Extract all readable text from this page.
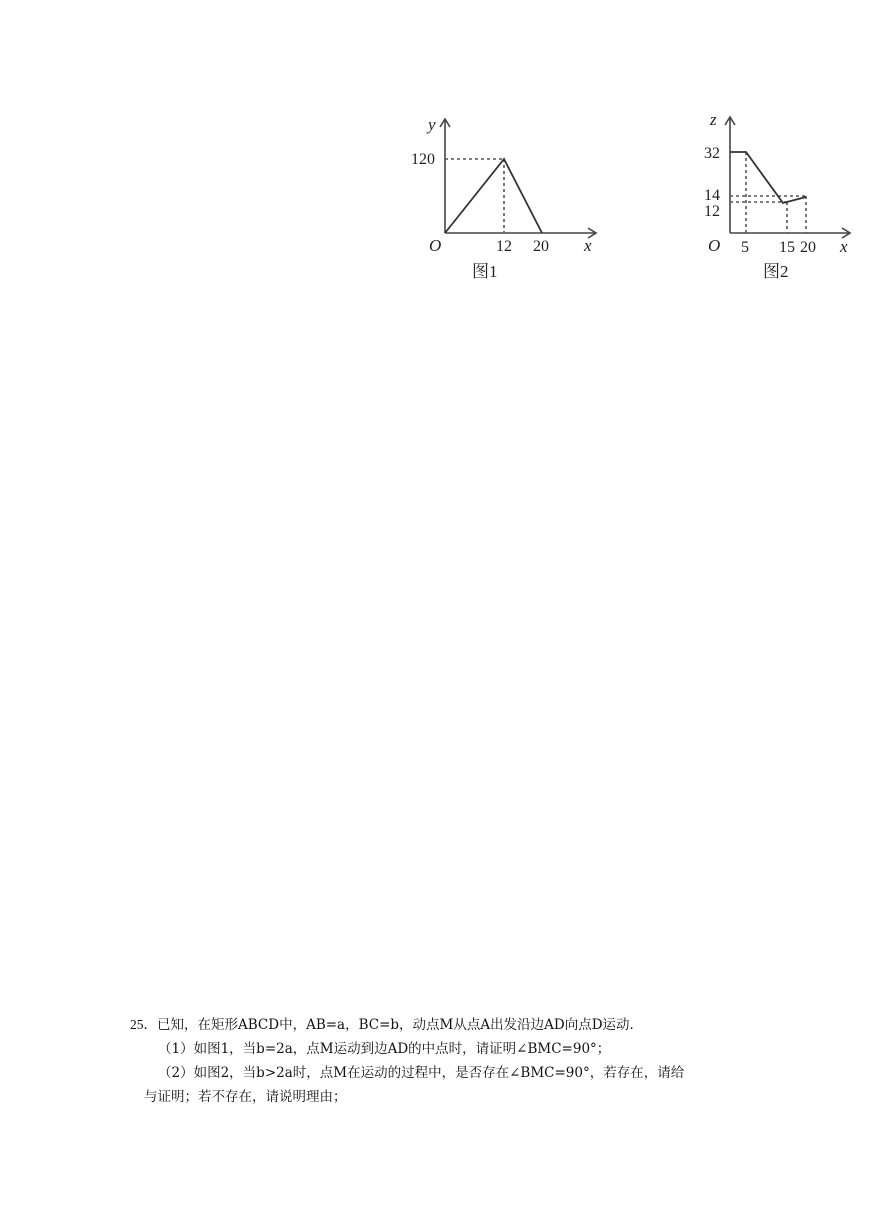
y
x
O
120
12 20
图1
z
x
O
32
14
12
5 15 20
图2

25．已知，在矩形ABCD中，AB=a，BC=b，动点M从点A出发沿边AD向点D运动．

（1）如图1，当b=2a，点M运动到边AD的中点时，请证明∠BMC=90°；

（2）如图2，当b>2a时，点M在运动的过程中，是否存在∠BMC=90°，若存在，请给

与证明；若不存在，请说明理由；
